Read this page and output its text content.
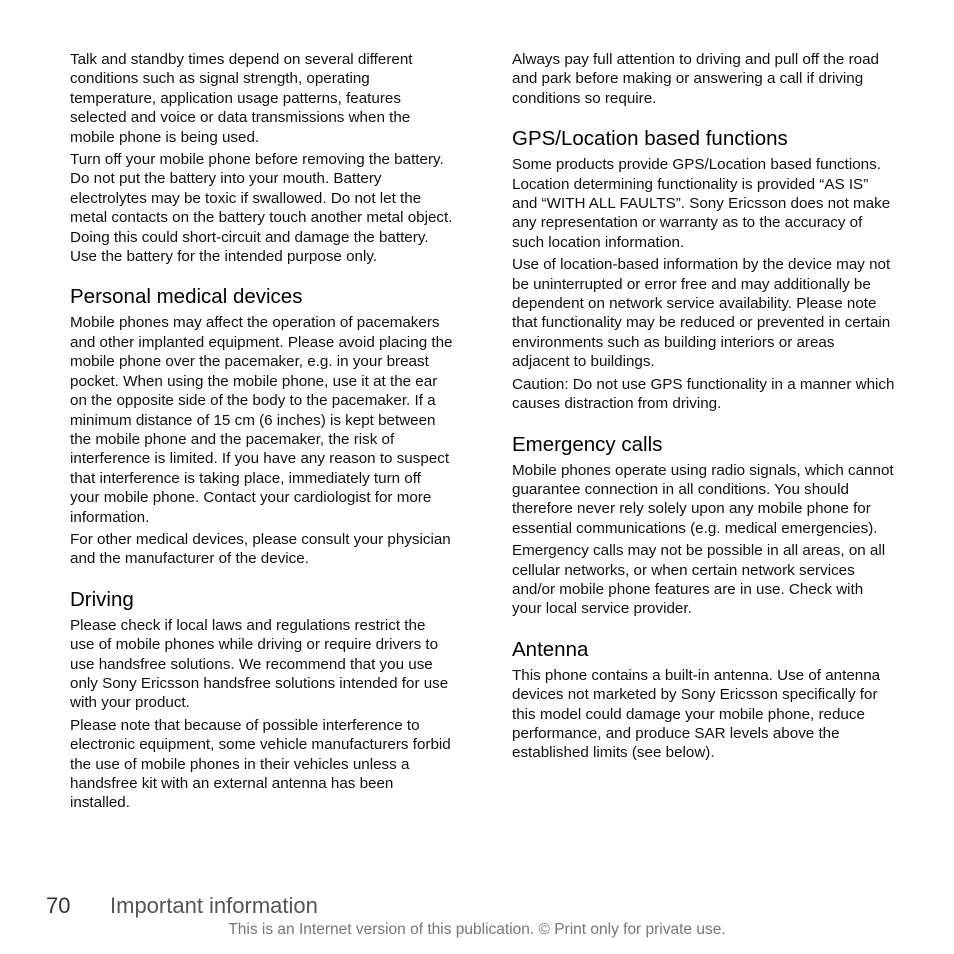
Talk and standby times depend on several different conditions such as signal strength, operating temperature, application usage patterns, features selected and voice or data transmissions when the mobile phone is being used.

Turn off your mobile phone before removing the battery. Do not put the battery into your mouth. Battery electrolytes may be toxic if swallowed. Do not let the metal contacts on the battery touch another metal object. Doing this could short-circuit and damage the battery. Use the battery for the intended purpose only.

Personal medical devices

Mobile phones may affect the operation of pacemakers and other implanted equipment. Please avoid placing the mobile phone over the pacemaker, e.g. in your breast pocket. When using the mobile phone, use it at the ear on the opposite side of the body to the pacemaker. If a minimum distance of 15 cm (6 inches) is kept between the mobile phone and the pacemaker, the risk of interference is limited. If you have any reason to suspect that interference is taking place, immediately turn off your mobile phone. Contact your cardiologist for more information.

For other medical devices, please consult your physician and the manufacturer of the device.

Driving

Please check if local laws and regulations restrict the use of mobile phones while driving or require drivers to use handsfree solutions. We recommend that you use only Sony Ericsson handsfree solutions intended for use with your product.

Please note that because of possible interference to electronic equipment, some vehicle manufacturers forbid the use of mobile phones in their vehicles unless a handsfree kit with an external antenna has been installed.

Always pay full attention to driving and pull off the road and park before making or answering a call if driving conditions so require.

GPS/Location based functions

Some products provide GPS/Location based functions. Location determining functionality is provided “AS IS” and “WITH ALL FAULTS”. Sony Ericsson does not make any representation or warranty as to the accuracy of such location information.

Use of location-based information by the device may not be uninterrupted or error free and may additionally be dependent on network service availability. Please note that functionality may be reduced or prevented in certain environments such as building interiors or areas adjacent to buildings.

Caution: Do not use GPS functionality in a manner which causes distraction from driving.

Emergency calls

Mobile phones operate using radio signals, which cannot guarantee connection in all conditions. You should therefore never rely solely upon any mobile phone for essential communications (e.g. medical emergencies).

Emergency calls may not be possible in all areas, on all cellular networks, or when certain network services and/or mobile phone features are in use. Check with your local service provider.

Antenna

This phone contains a built-in antenna. Use of antenna devices not marketed by Sony Ericsson specifically for this model could damage your mobile phone, reduce performance, and produce SAR levels above the established limits (see below).

70 Important information
This is an Internet version of this publication. © Print only for private use.
